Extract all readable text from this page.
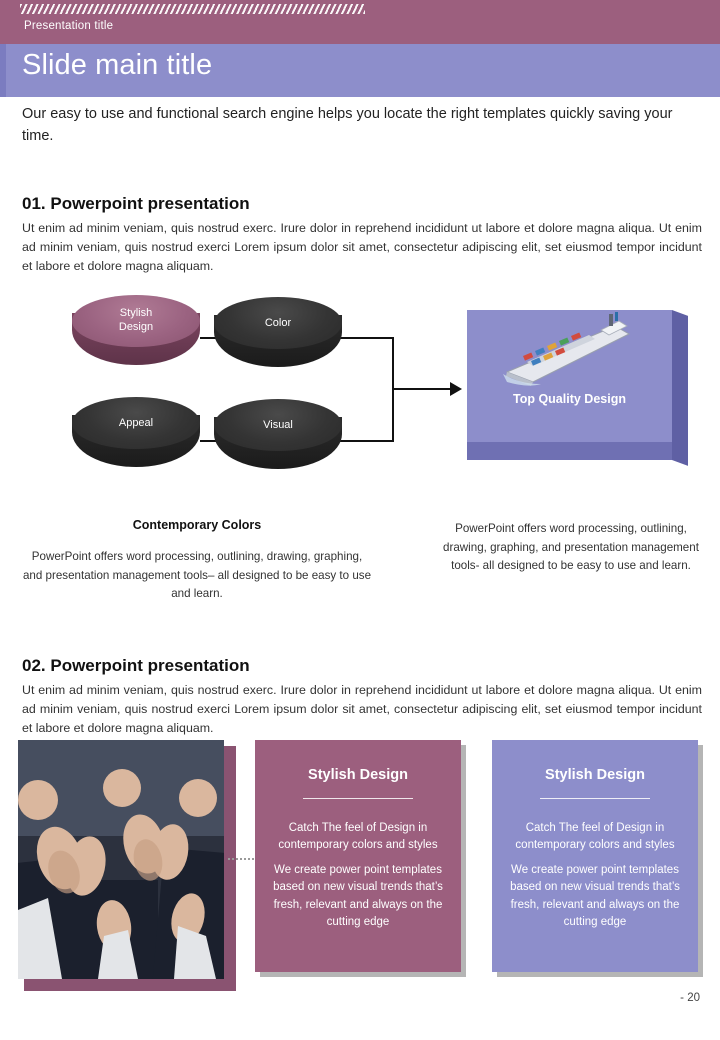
Presentation title
Slide main title
Our easy to use and functional search engine helps you locate the right templates quickly saving your time.
01. Powerpoint presentation
Ut enim ad minim veniam, quis nostrud exerc. Irure dolor in reprehend incididunt ut labore et dolore magna aliqua. Ut enim ad minim veniam, quis nostrud exerci Lorem ipsum dolor sit amet, consectetur adipiscing elit, set eiusmod tempor incidunt et labore et dolore magna aliquam.
Stylish
Design	Color
Appeal	Visual
Contemporary Colors
PowerPoint offers word processing, outlining, drawing, graphing, and presentation management tools– all designed to be easy to use and learn.
Top Quality Design
PowerPoint offers word processing, outlining, drawing, graphing, and presentation management tools- all designed to be easy to use and learn.
02. Powerpoint presentation
Ut enim ad minim veniam, quis nostrud exerc. Irure dolor in reprehend incididunt ut labore et dolore magna aliqua. Ut enim ad minim veniam, quis nostrud exerci Lorem ipsum dolor sit amet, consectetur adipiscing elit, set eiusmod tempor incidunt et labore et dolore magna aliquam.
Stylish Design
Catch The feel of Design in contemporary colors and styles
We create power point templates based on new visual trends that’s fresh, relevant and always on the cutting edge
Stylish Design
Catch The feel of Design in contemporary colors and styles
We create power point templates based on new visual trends that’s fresh, relevant and always on the cutting edge
- 20
